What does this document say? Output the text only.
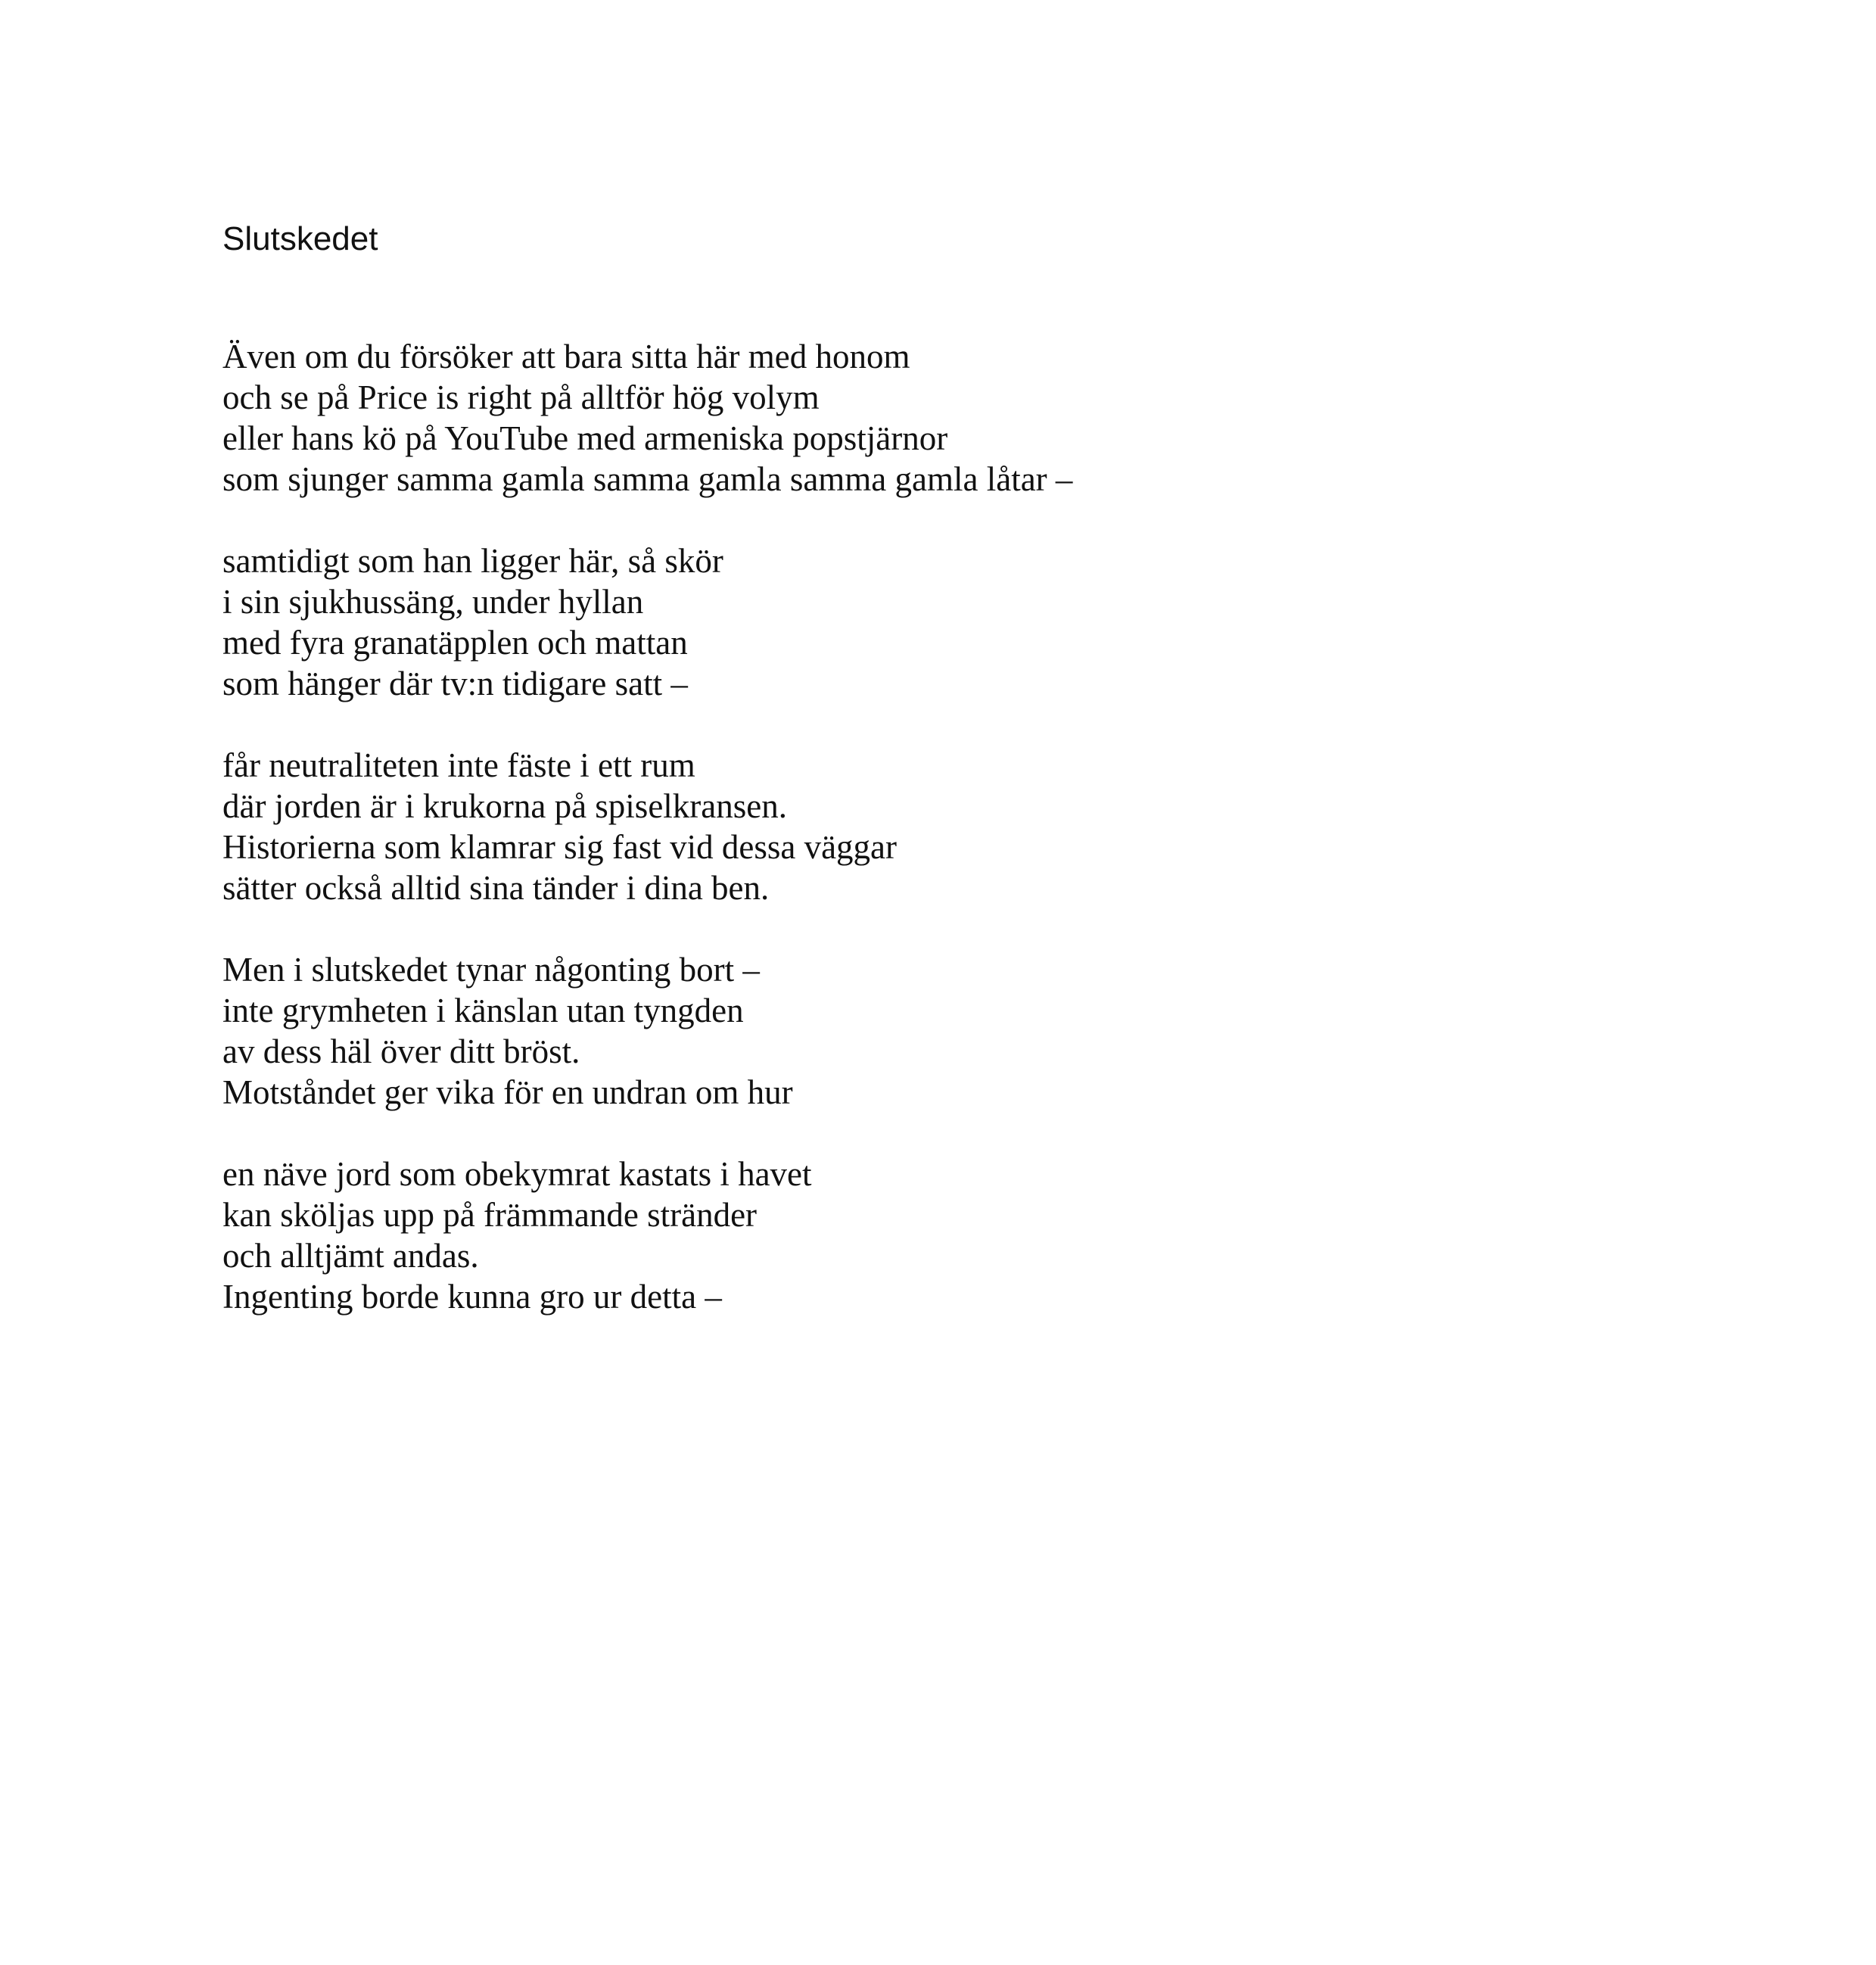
Slutskedet
Även om du försöker att bara sitta här med honom
och se på Price is right på alltför hög volym
eller hans kö på YouTube med armeniska popstjärnor
som sjunger samma gamla samma gamla samma gamla låtar –
samtidigt som han ligger här, så skör
i sin sjukhussäng, under hyllan
med fyra granatäpplen och mattan
som hänger där tv:n tidigare satt –
får neutraliteten inte fäste i ett rum
där jorden är i krukorna på spiselkransen.
Historierna som klamrar sig fast vid dessa väggar
sätter också alltid sina tänder i dina ben.
Men i slutskedet tynar någonting bort –
inte grymheten i känslan utan tyngden
av dess häl över ditt bröst.
Motståndet ger vika för en undran om hur
en näve jord som obekymrat kastats i havet
kan sköljas upp på främmande stränder
och alltjämt andas.
Ingenting borde kunna gro ur detta –
